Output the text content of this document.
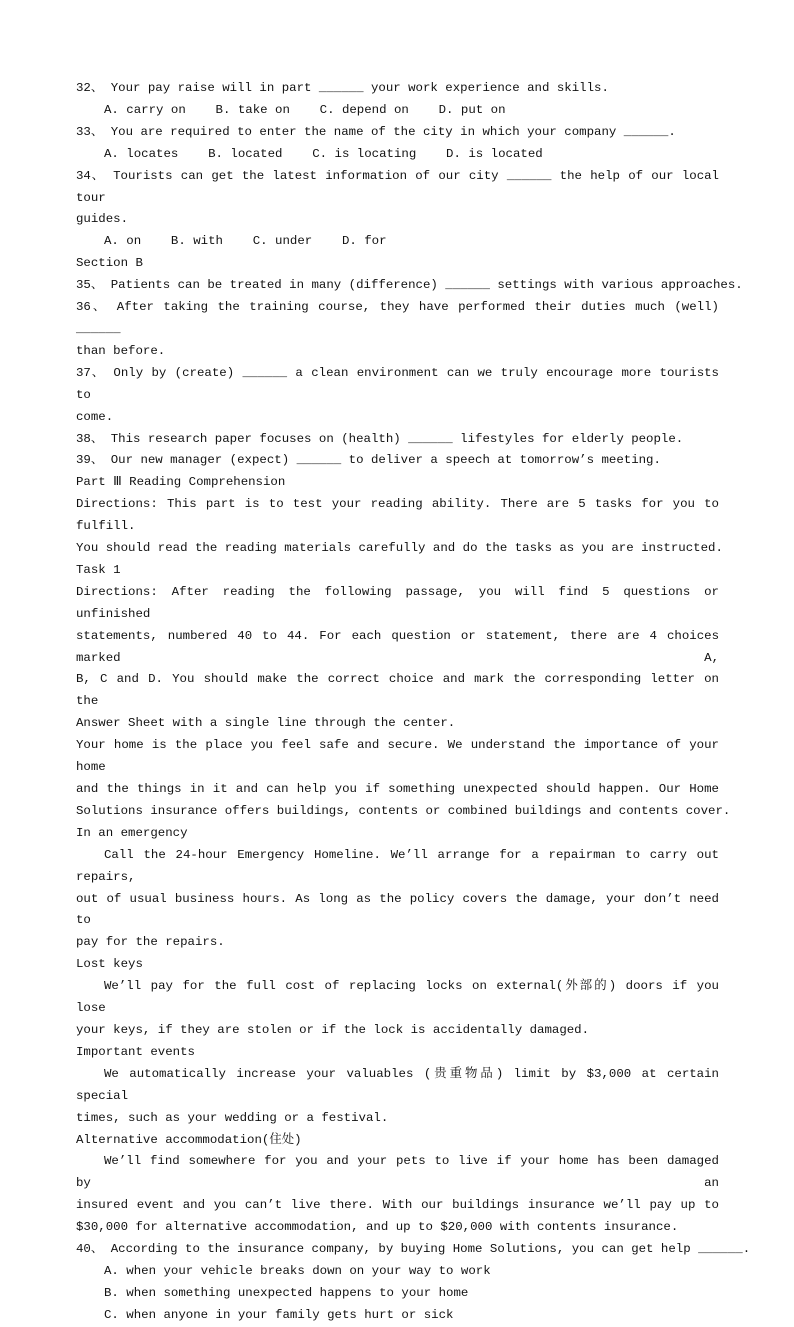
32、 Your pay raise will in part ______ your work experience and skills.

A. carry on    B. take on    C. depend on    D. put on

33、 You are required to enter the name of the city in which your company ______.

A. locates    B. located    C. is locating    D. is located

34、 Tourists can get the latest information of our city ______ the help of our local tour

guides.

A. on    B. with    C. under    D. for

Section B

35、 Patients can be treated in many (difference) ______ settings with various approaches.

36、 After taking the training course, they have performed their duties much (well) ______

than before.

37、 Only by (create) ______ a clean environment can we truly encourage more tourists to

come.

38、 This research paper focuses on (health) ______ lifestyles for elderly people.

39、 Our new manager (expect) ______ to deliver a speech at tomorrow’s meeting.

Part Ⅲ Reading Comprehension

Directions: This part is to test your reading ability. There are 5 tasks for you to fulfill.

You should read the reading materials carefully and do the tasks as you are instructed.

Task 1

Directions: After reading the following passage, you will find 5 questions or unfinished

statements, numbered 40 to 44. For each question or statement, there are 4 choices marked A,

B, C and D. You should make the correct choice and mark the corresponding letter on the

Answer Sheet with a single line through the center.

Your home is the place you feel safe and secure. We understand the importance of your home

and the things in it and can help you if something unexpected should happen. Our Home

Solutions insurance offers buildings, contents or combined buildings and contents cover.

In an emergency

Call the 24-hour Emergency Homeline. We’ll arrange for a repairman to carry out repairs,

out of usual business hours. As long as the policy covers the damage, your don’t need to

pay for the repairs.

Lost keys

We’ll pay for the full cost of replacing locks on external(外部的) doors if you lose

your keys, if they are stolen or if the lock is accidentally damaged.

Important events

We automatically increase your valuables (贵重物品) limit by $3,000 at certain special

times, such as your wedding or a festival.

Alternative accommodation(住处)

We’ll find somewhere for you and your pets to live if your home has been damaged by an

insured event and you can’t live there. With our buildings insurance we’ll pay up to

$30,000 for alternative accommodation, and up to $20,000 with contents insurance.

40、 According to the insurance company, by buying Home Solutions, you can get help ______.

A. when your vehicle breaks down on your way to work

B. when something unexpected happens to your home

C. when anyone in your family gets hurt or sick
